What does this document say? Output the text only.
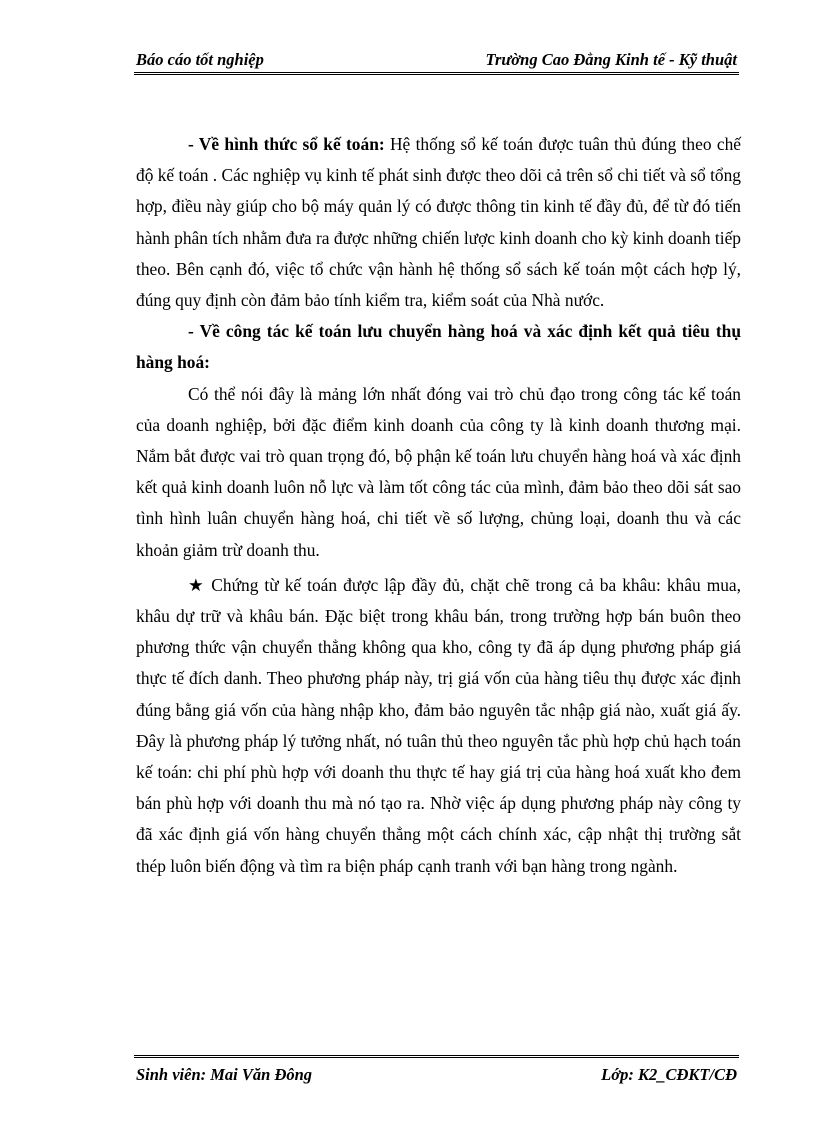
Báo cáo tốt nghiệp	Trường Cao Đẳng Kinh tế - Kỹ thuật

- Về hình thức sổ kế toán: Hệ thống sổ kế toán được tuân thủ đúng theo chế độ kế toán . Các nghiệp vụ kinh tế phát sinh được theo dõi cả trên sổ chi tiết và sổ tổng hợp, điều này giúp cho bộ máy quản lý có được thông tin kinh tế đầy đủ, để từ đó tiến hành phân tích nhằm đưa ra được những chiến lược kinh doanh cho kỳ kinh doanh tiếp theo. Bên cạnh đó, việc tổ chức vận hành hệ thống sổ sách kế toán một cách hợp lý, đúng quy định còn đảm bảo tính kiểm tra, kiểm soát của Nhà nước.

- Về công tác kế toán lưu chuyển hàng hoá và xác định kết quả tiêu thụ hàng hoá:

Có thể nói đây là mảng lớn nhất đóng vai trò chủ đạo trong công tác kế toán của doanh nghiệp, bởi đặc điểm kinh doanh của công ty là kinh doanh thương mại. Nắm bắt được vai trò quan trọng đó, bộ phận kế toán lưu chuyển hàng hoá và xác định kết quả kinh doanh luôn nỗ lực và làm tốt công tác của mình, đảm bảo theo dõi sát sao tình hình luân chuyển hàng hoá, chi tiết về số lượng, chủng loại, doanh thu và các khoản giảm trừ doanh thu.

★ Chứng từ kế toán được lập đầy đủ, chặt chẽ trong cả ba khâu: khâu mua, khâu dự trữ và khâu bán. Đặc biệt trong khâu bán, trong trường hợp bán buôn theo phương thức vận chuyển thẳng không qua kho, công ty đã áp dụng phương pháp giá thực tế đích danh. Theo phương pháp này, trị giá vốn của hàng tiêu thụ được xác định đúng bằng giá vốn của hàng nhập kho, đảm bảo nguyên tắc nhập giá nào, xuất giá ấy. Đây là phương pháp lý tưởng nhất, nó tuân thủ theo nguyên tắc phù hợp chủ hạch toán kế toán: chi phí phù hợp với doanh thu thực tế hay giá trị của hàng hoá xuất kho đem bán phù hợp với doanh thu mà nó tạo ra. Nhờ việc áp dụng phương pháp này công ty đã xác định giá vốn hàng chuyển thẳng một cách chính xác, cập nhật thị trường sắt thép luôn biến động và tìm ra biện pháp cạnh tranh với bạn hàng trong ngành.

Sinh viên: Mai Văn Đông	Lớp: K2_CĐKT/CĐ
